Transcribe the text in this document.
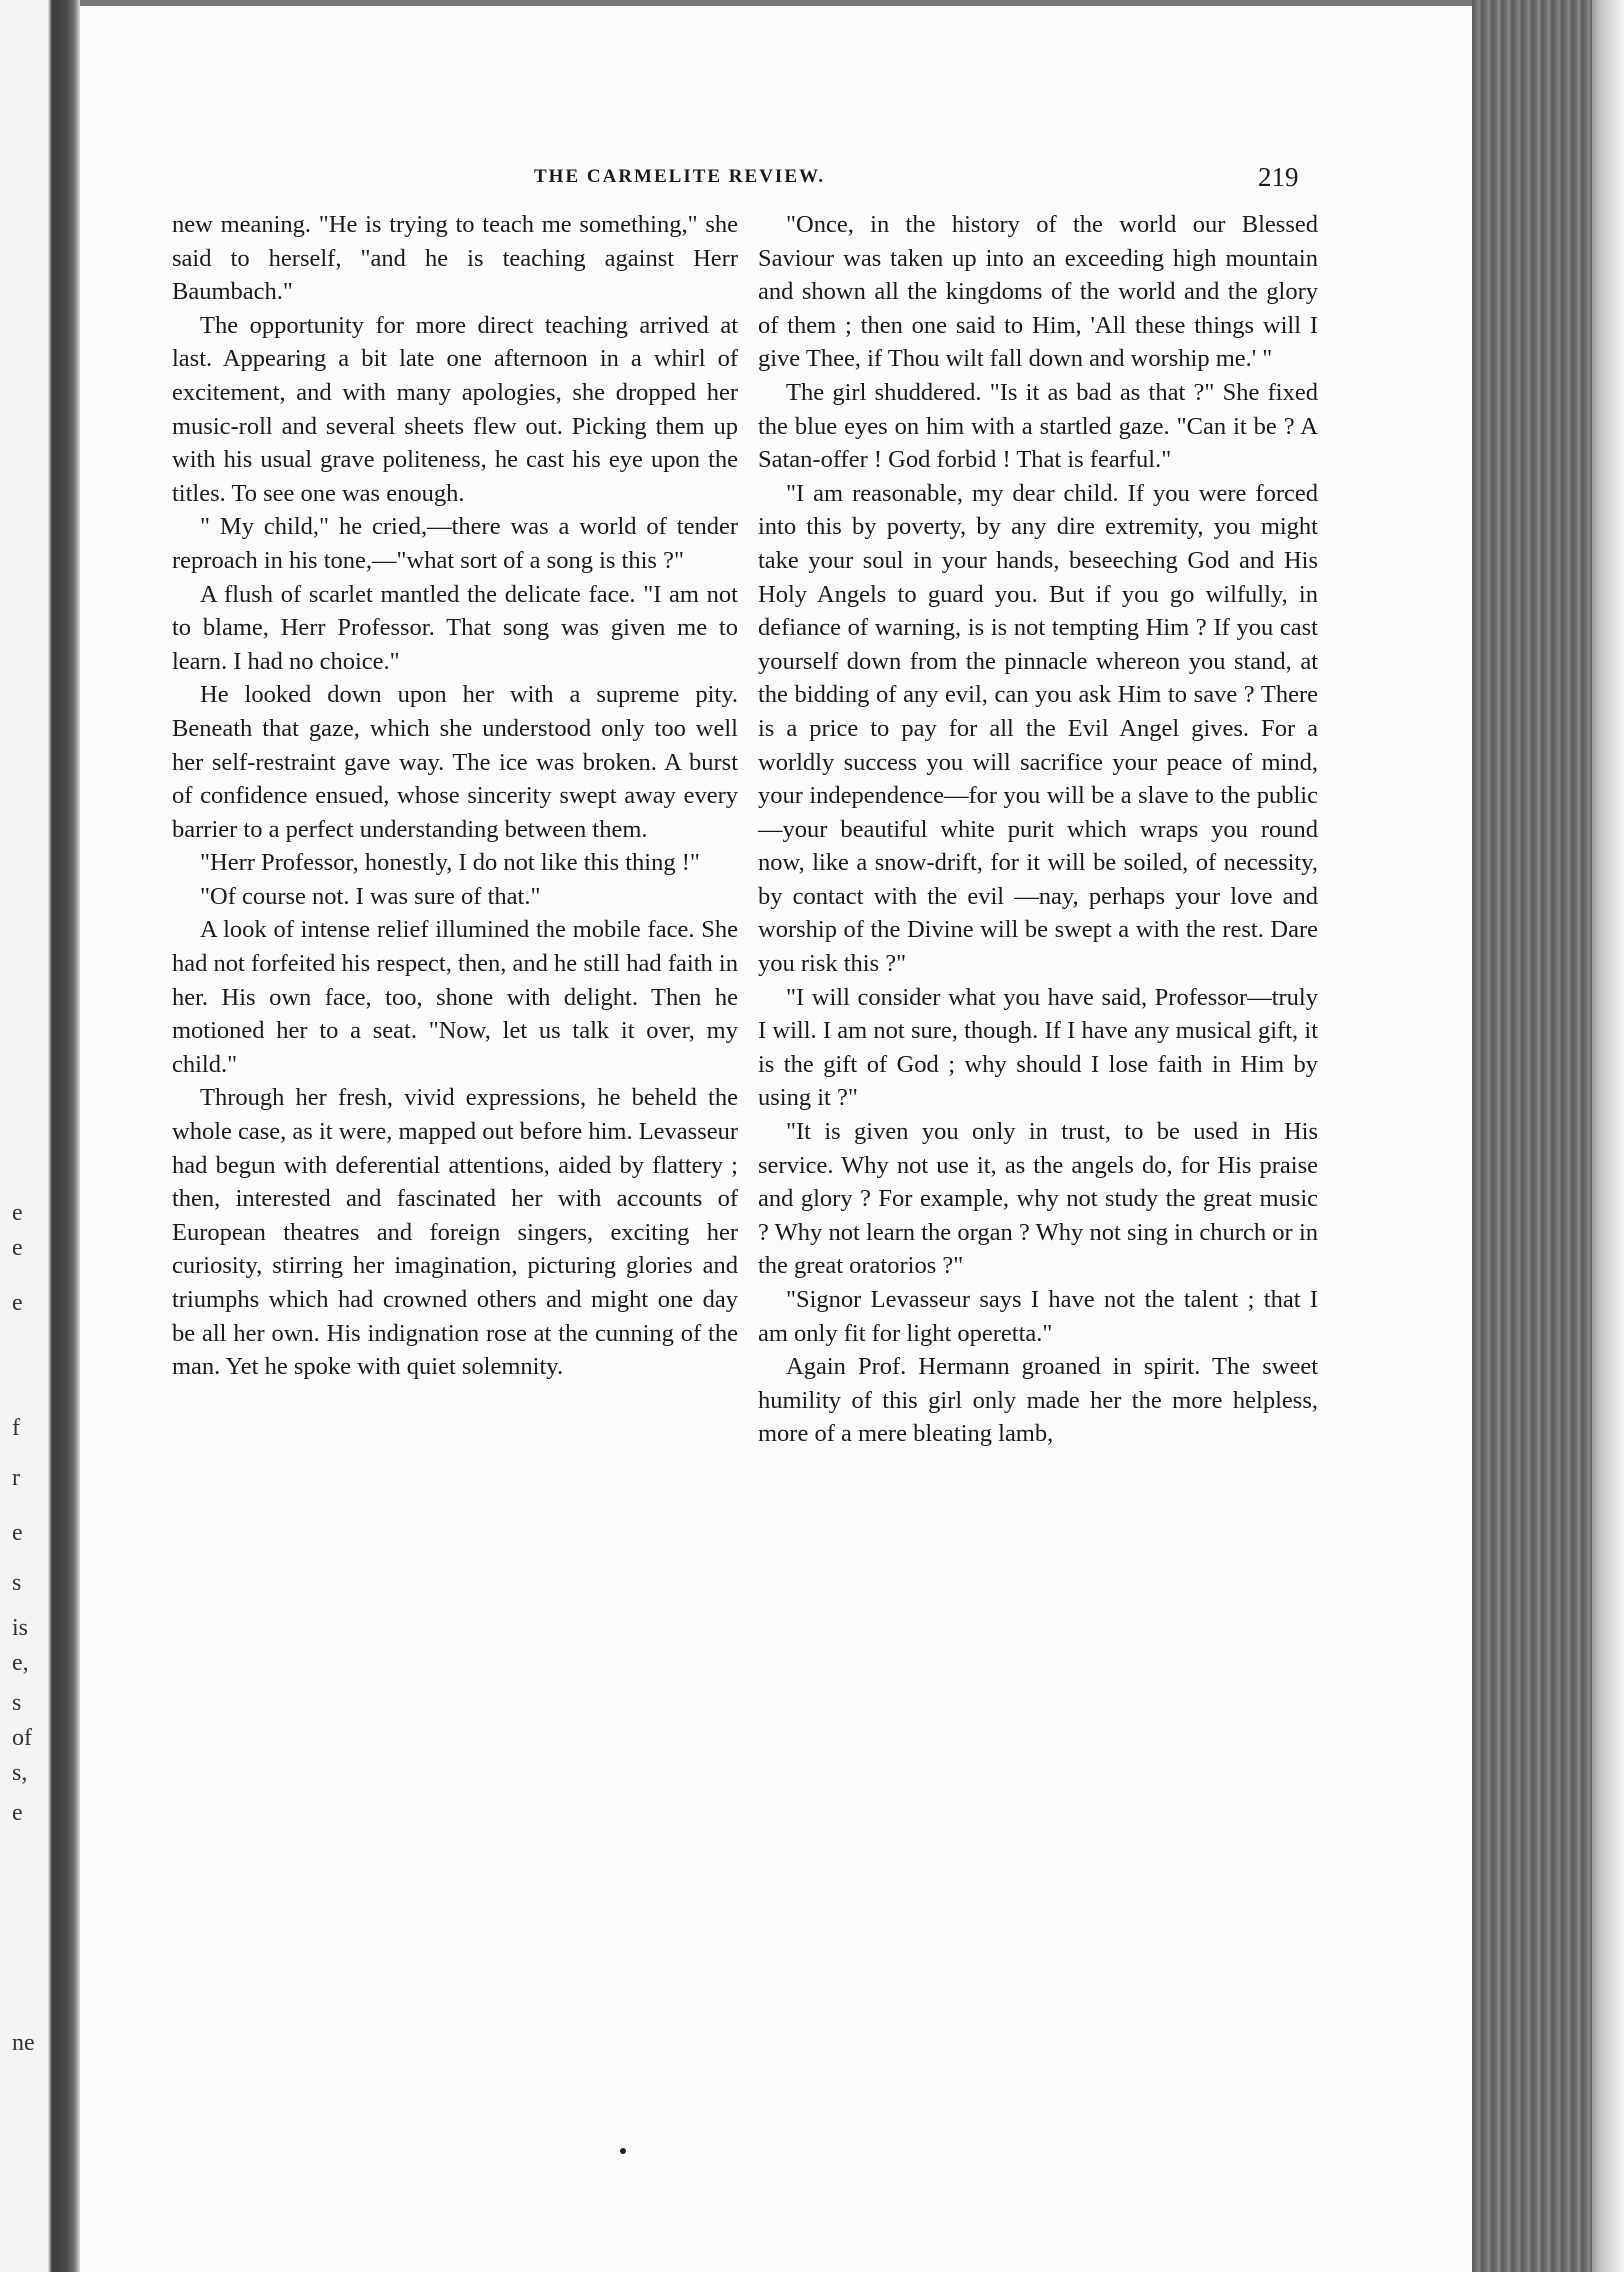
e
e
e
f
r
e
s
is
e,
s
of
s,
e
ne
THE CARMELITE REVIEW.	219

new meaning. "He is trying to teach me something," she said to herself, "and he is teaching against Herr Baumbach."

The opportunity for more direct teaching arrived at last. Appearing a bit late one afternoon in a whirl of excitement, and with many apologies, she dropped her music-roll and several sheets flew out. Picking them up with his usual grave politeness, he cast his eye upon the titles. To see one was enough.

" My child," he cried,—there was a world of tender reproach in his tone,—"what sort of a song is this ?"

A flush of scarlet mantled the delicate face. "I am not to blame, Herr Professor. That song was given me to learn. I had no choice."

He looked down upon her with a supreme pity. Beneath that gaze, which she understood only too well her self-restraint gave way. The ice was broken. A burst of confidence ensued, whose sincerity swept away every barrier to a perfect understanding between them.

"Herr Professor, honestly, I do not like this thing !"

"Of course not. I was sure of that."

A look of intense relief illumined the mobile face. She had not forfeited his respect, then, and he still had faith in her. His own face, too, shone with delight. Then he motioned her to a seat. "Now, let us talk it over, my child."

Through her fresh, vivid expressions, he beheld the whole case, as it were, mapped out before him. Levasseur had begun with deferential attentions, aided by flattery ; then, interested and fascinated her with accounts of European theatres and foreign singers, exciting her curiosity, stirring her imagination, picturing glories and triumphs which had crowned others and might one day be all her own. His indignation rose at the cunning of the man. Yet he spoke with quiet solemnity.

"Once, in the history of the world our Blessed Saviour was taken up into an exceeding high mountain and shown all the kingdoms of the world and the glory of them ; then one said to Him, 'All these things will I give Thee, if Thou wilt fall down and worship me.' "

The girl shuddered. "Is it as bad as that ?" She fixed the blue eyes on him with a startled gaze. "Can it be ? A Satan-offer ! God forbid ! That is fearful."

"I am reasonable, my dear child. If you were forced into this by poverty, by any dire extremity, you might take your soul in your hands, beseeching God and His Holy Angels to guard you. But if you go wilfully, in defiance of warning, is is not tempting Him ? If you cast yourself down from the pinnacle whereon you stand, at the bidding of any evil, can you ask Him to save ? There is a price to pay for all the Evil Angel gives. For a worldly success you will sacrifice your peace of mind, your independence—for you will be a slave to the public—your beautiful white purit which wraps you round now, like a snow-drift, for it will be soiled, of necessity, by contact with the evil —nay, perhaps your love and worship of the Divine will be swept a with the rest. Dare you risk this ?"

"I will consider what you have said, Professor—truly I will. I am not sure, though. If I have any musical gift, it is the gift of God ; why should I lose faith in Him by using it ?"

"It is given you only in trust, to be used in His service. Why not use it, as the angels do, for His praise and glory ? For example, why not study the great music ? Why not learn the organ ? Why not sing in church or in the great oratorios ?"

"Signor Levasseur says I have not the talent ; that I am only fit for light operetta."

Again Prof. Hermann groaned in spirit. The sweet humility of this girl only made her the more helpless, more of a mere bleating lamb,
